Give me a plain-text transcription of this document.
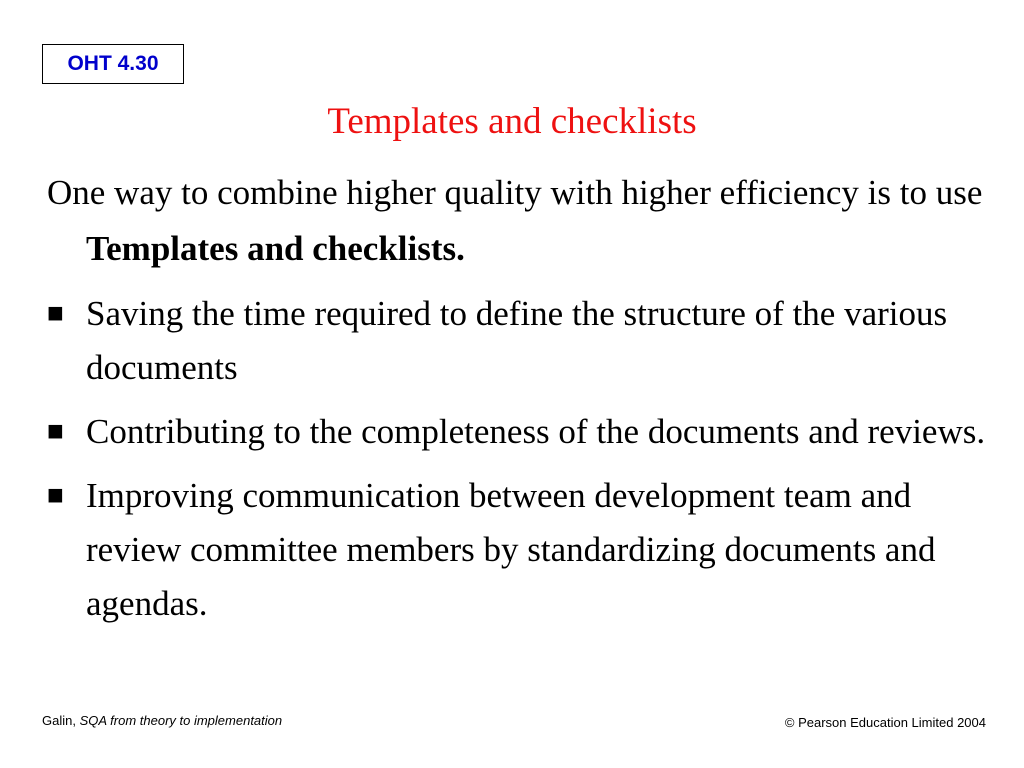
OHT 4.30
Templates and checklists
One way to combine higher quality with higher efficiency is to use Templates and checklists.
■ Saving the time required to define the structure of the various documents
■ Contributing to the completeness of the documents and reviews.
■ Improving communication between development team and review committee members by standardizing documents and agendas.
Galin, SQA from theory to implementation	© Pearson Education Limited 2004
